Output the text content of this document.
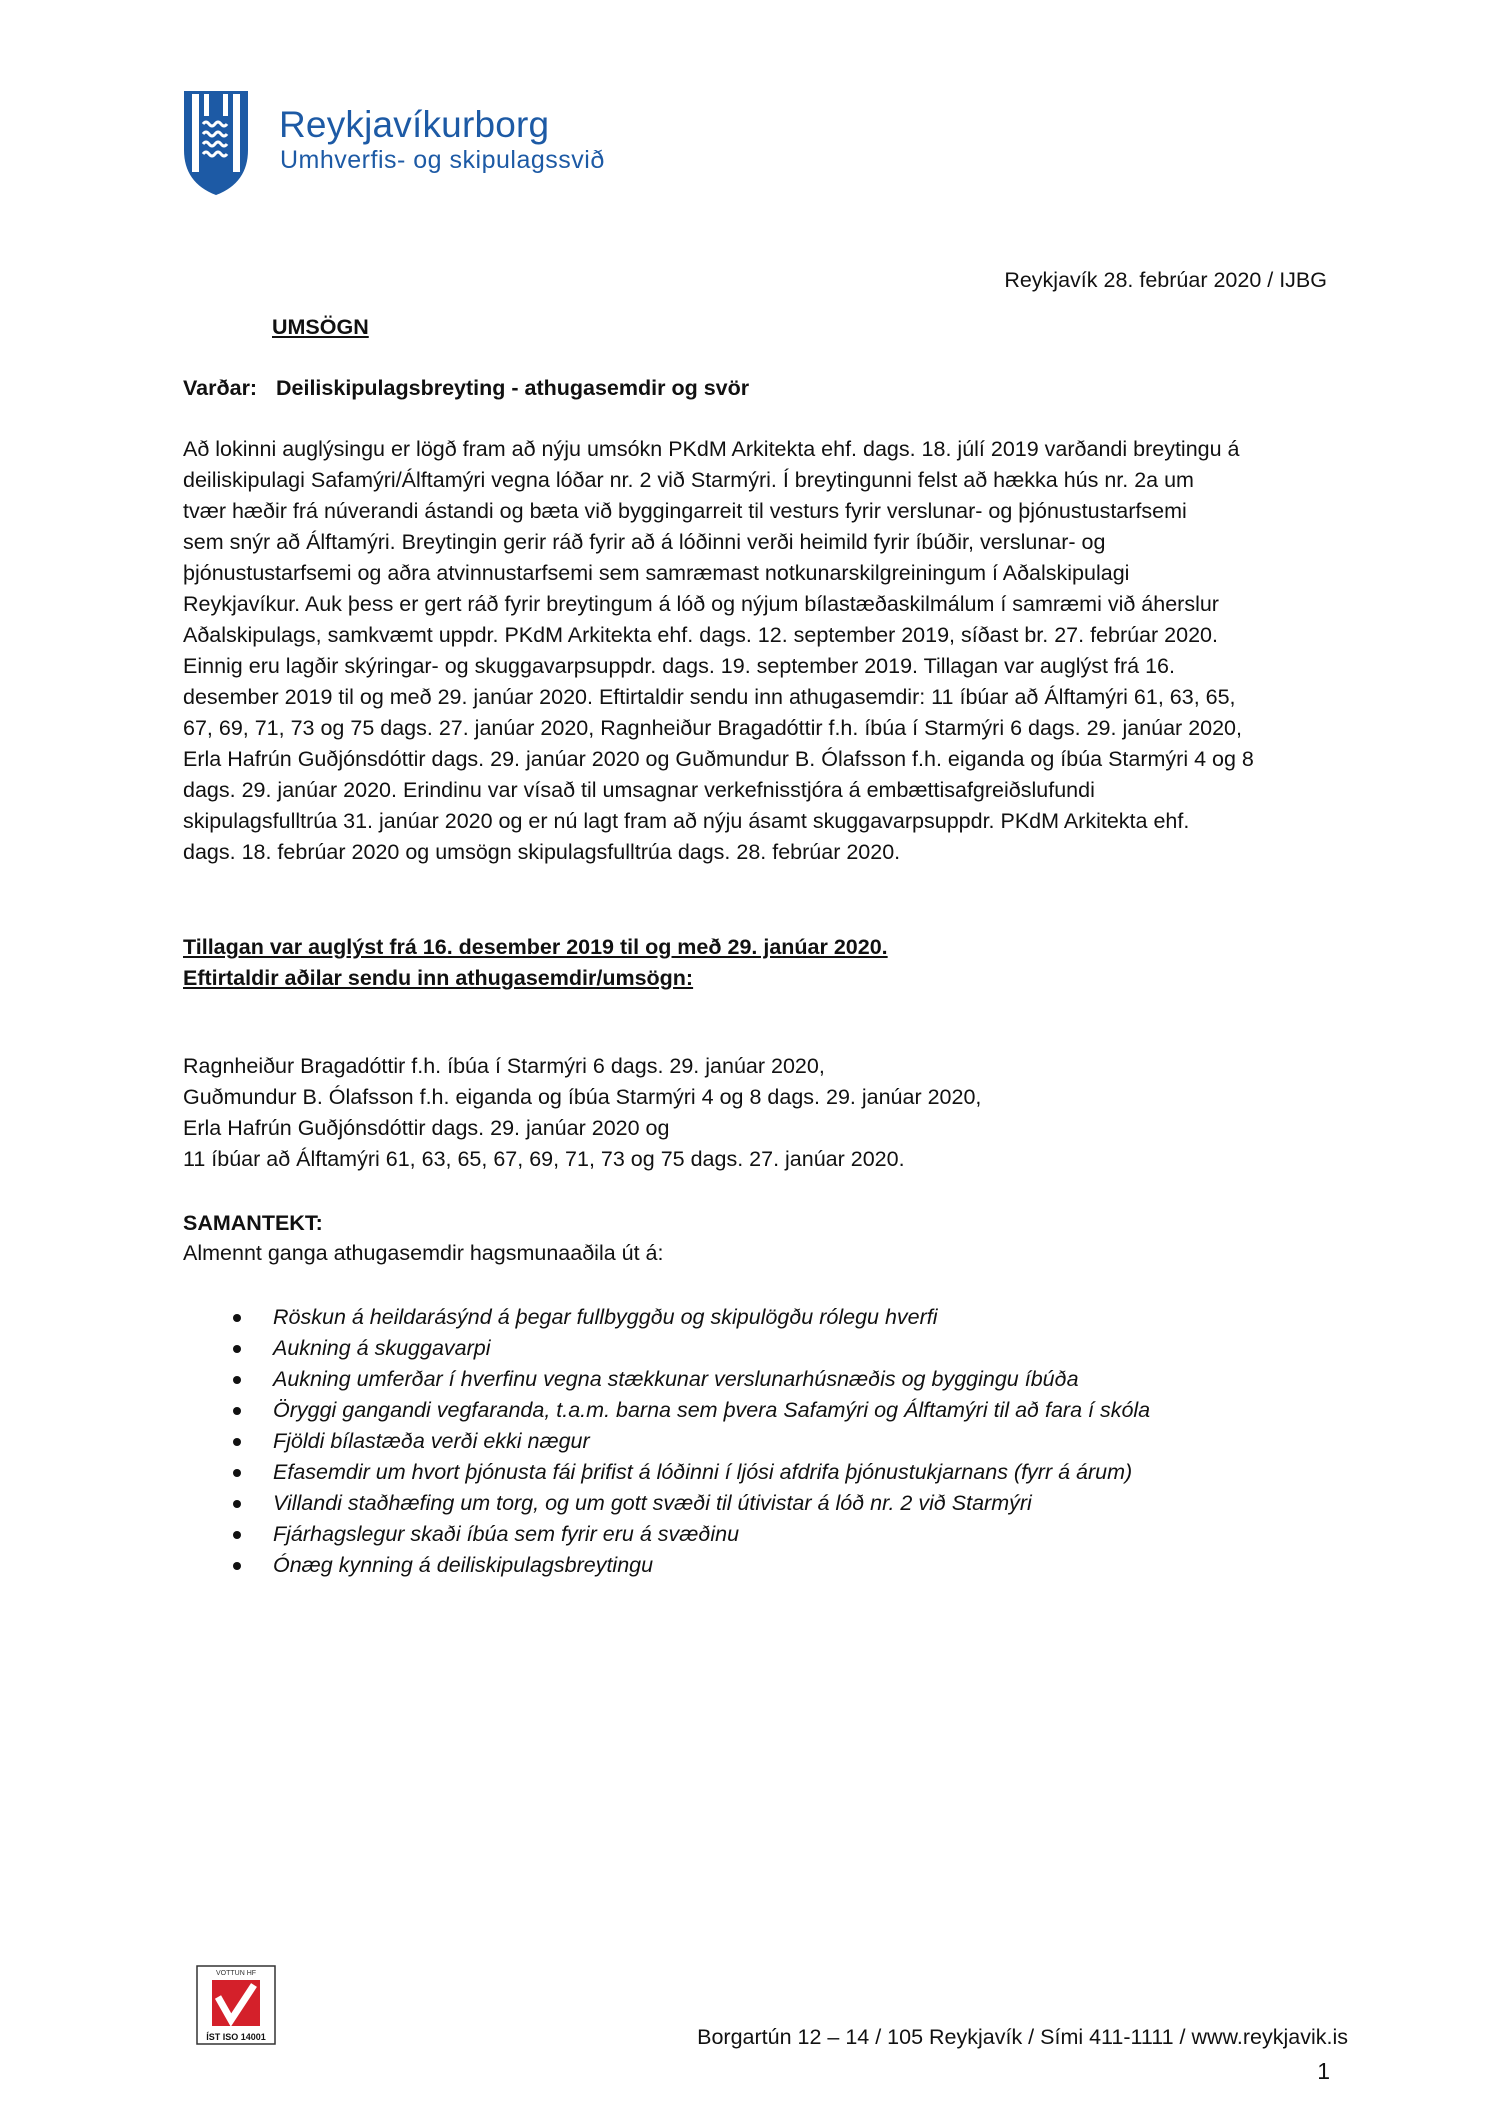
Reykjavíkurborg
Umhverfis- og skipulagssvið
Reykjavík 28. febrúar 2020 / IJBG
UMSÖGN
Varðar: Deiliskipulagsbreyting - athugasemdir og svör
Að lokinni auglýsingu er lögð fram að nýju umsókn PKdM Arkitekta ehf. dags. 18. júlí 2019 varðandi breytingu á
deiliskipulagi Safamýri/Álftamýri vegna lóðar nr. 2 við Starmýri. Í breytingunni felst að hækka hús nr. 2a um
tvær hæðir frá núverandi ástandi og bæta við byggingarreit til vesturs fyrir verslunar- og þjónustustarfsemi
sem snýr að Álftamýri. Breytingin gerir ráð fyrir að á lóðinni verði heimild fyrir íbúðir, verslunar- og
þjónustustarfsemi og aðra atvinnustarfsemi sem samræmast notkunarskilgreiningum í Aðalskipulagi
Reykjavíkur. Auk þess er gert ráð fyrir breytingum á lóð og nýjum bílastæðaskilmálum í samræmi við áherslur
Aðalskipulags, samkvæmt uppdr. PKdM Arkitekta ehf. dags. 12. september 2019, síðast br. 27. febrúar 2020.
Einnig eru lagðir skýringar- og skuggavarpsuppdr. dags. 19. september 2019. Tillagan var auglýst frá 16.
desember 2019 til og með 29. janúar 2020. Eftirtaldir sendu inn athugasemdir: 11 íbúar að Álftamýri 61, 63, 65,
67, 69, 71, 73 og 75 dags. 27. janúar 2020, Ragnheiður Bragadóttir f.h. íbúa í Starmýri 6 dags. 29. janúar 2020,
Erla Hafrún Guðjónsdóttir dags. 29. janúar 2020 og Guðmundur B. Ólafsson f.h. eiganda og íbúa Starmýri 4 og 8
dags. 29. janúar 2020. Erindinu var vísað til umsagnar verkefnisstjóra á embættisafgreiðslufundi
skipulagsfulltrúa 31. janúar 2020 og er nú lagt fram að nýju ásamt skuggavarpsuppdr. PKdM Arkitekta ehf.
dags. 18. febrúar 2020 og umsögn skipulagsfulltrúa dags. 28. febrúar 2020.
Tillagan var auglýst frá 16. desember 2019 til og með 29. janúar 2020.
Eftirtaldir aðilar sendu inn athugasemdir/umsögn:
Ragnheiður Bragadóttir f.h. íbúa í Starmýri 6 dags. 29. janúar 2020,
Guðmundur B. Ólafsson f.h. eiganda og íbúa Starmýri 4 og 8 dags. 29. janúar 2020,
Erla Hafrún Guðjónsdóttir dags. 29. janúar 2020 og
11 íbúar að Álftamýri 61, 63, 65, 67, 69, 71, 73 og 75 dags. 27. janúar 2020.
SAMANTEKT:
Almennt ganga athugasemdir hagsmunaaðila út á:
Röskun á heildarásýnd á þegar fullbyggðu og skipulögðu rólegu hverfi
Aukning á skuggavarpi
Aukning umferðar í hverfinu vegna stækkunar verslunarhúsnæðis og byggingu íbúða
Öryggi gangandi vegfaranda, t.a.m. barna sem þvera Safamýri og Álftamýri til að fara í skóla
Fjöldi bílastæða verði ekki nægur
Efasemdir um hvort þjónusta fái þrifist á lóðinni í ljósi afdrifa þjónustukjarnans (fyrr á árum)
Villandi staðhæfing um torg, og um gott svæði til útivistar á lóð nr. 2 við Starmýri
Fjárhagslegur skaði íbúa sem fyrir eru á svæðinu
Ónæg kynning á deiliskipulagsbreytingu
VOTTUN HF
ÍST ISO 14001	Borgartún 12 – 14 / 105 Reykjavík / Sími 411-1111 / www.reykjavik.is
1
